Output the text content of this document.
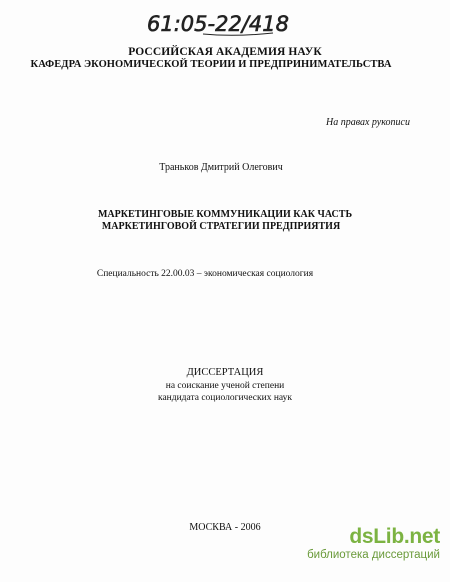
61:05-22/418
РОССИЙСКАЯ АКАДЕМИЯ НАУК
КАФЕДРА ЭКОНОМИЧЕСКОЙ ТЕОРИИ И ПРЕДПРИНИМАТЕЛЬСТВА
На правах рукописи
Траньков Дмитрий Олегович
МАРКЕТИНГОВЫЕ КОММУНИКАЦИИ КАК ЧАСТЬ
МАРКЕТИНГОВОЙ СТРАТЕГИИ ПРЕДПРИЯТИЯ
Специальность 22.00.03 – экономическая социология
ДИССЕРТАЦИЯ
на соискание ученой степени
кандидата социологических наук
МОСКВА - 2006	dsLib.net
библиотека диссертаций
